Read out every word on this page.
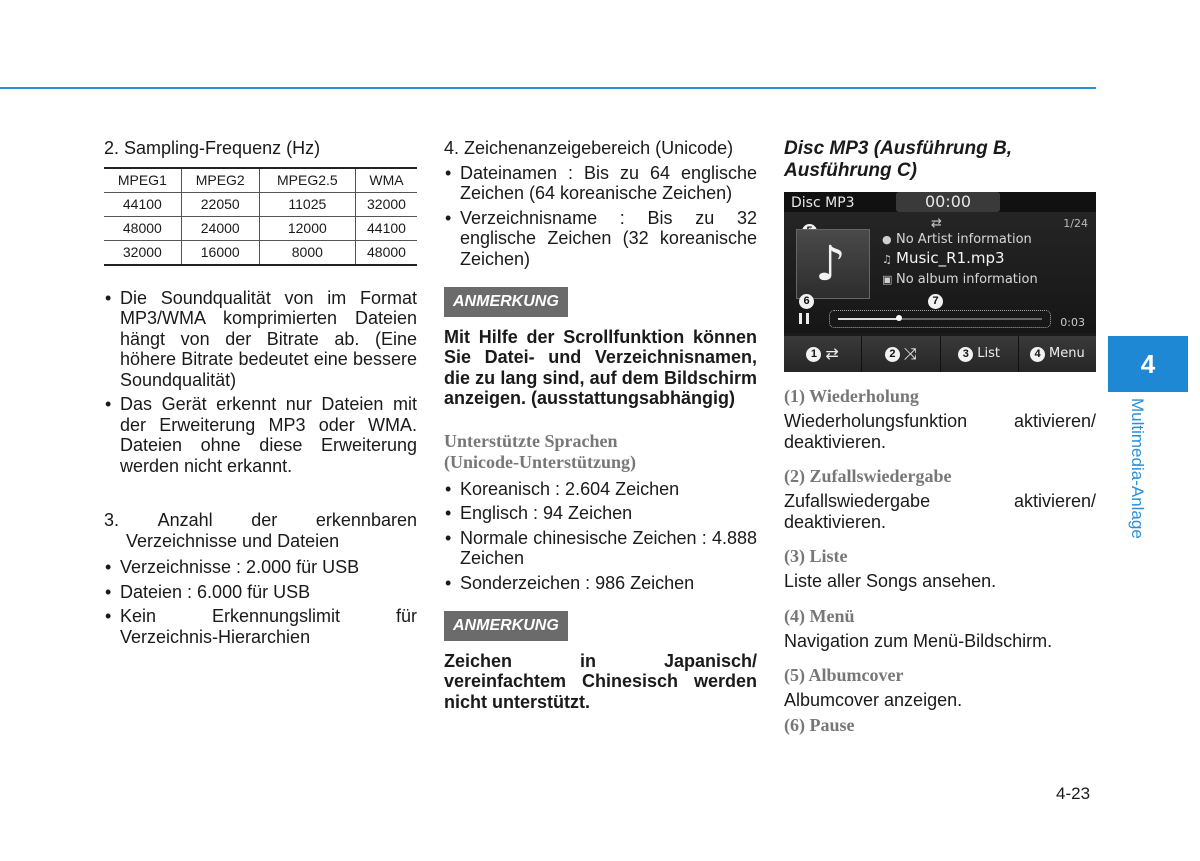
2. Sampling-Frequenz (Hz)

MPEG1	MPEG2	MPEG2.5	WMA
44100	22050	11025	32000
48000	24000	12000	44100
32000	16000	8000	48000
• Die Soundqualität von im Format MP3/WMA komprimierten Dateien hängt von der Bitrate ab. (Eine höhere Bitrate bedeutet eine bessere Soundqualität)
• Das Gerät erkennt nur Dateien mit der Erweiterung MP3 oder WMA. Dateien ohne diese Erweiterung werden nicht erkannt.
3. Anzahl der erkennbaren

Verzeichnisse und Dateien

• Verzeichnisse : 2.000 für USB
• Dateien : 6.000 für USB
• Kein Erkennungslimit für Verzeichnis-Hierarchien

4. Zeichenanzeigebereich (Unicode)

• Dateinamen : Bis zu 64 englische Zeichen (64 koreanische Zeichen)
• Verzeichnisname : Bis zu 32 englische Zeichen (32 koreanische Zeichen)
ANMERKUNG

Mit Hilfe der Scrollfunktion können Sie Datei- und Verzeichnisnamen, die zu lang sind, auf dem Bildschirm anzeigen. (ausstattungsabhängig)

Unterstützte Sprachen

(Unicode-Unterstützung)

• Koreanisch : 2.604 Zeichen
• Englisch : 94 Zeichen
• Normale chinesische Zeichen : 4.888 Zeichen
• Sonderzeichen : 986 Zeichen
ANMERKUNG

Zeichen in Japanisch/ vereinfachtem Chinesisch werden nicht unterstützt.

Disc MP3 (Ausführung B, Ausführung C)

Disc MP3	00:00
⇄	1/24
♪	● No Artist information
♫ Music_R1.mp3
▣ No album information
6	7
0:03
1 ⇄	2 ⤨	3 List	4 Menu

(1) Wiederholung

Wiederholungsfunktion aktivieren/ deaktivieren.

(2) Zufallswiedergabe

Zufallswiedergabe aktivieren/ deaktivieren.

(3) Liste

Liste aller Songs ansehen.

(4) Menü

Navigation zum Menü-Bildschirm.

(5) Albumcover

Albumcover anzeigen.

(6) Pause

4
Multimedia-Anlage
4-23
